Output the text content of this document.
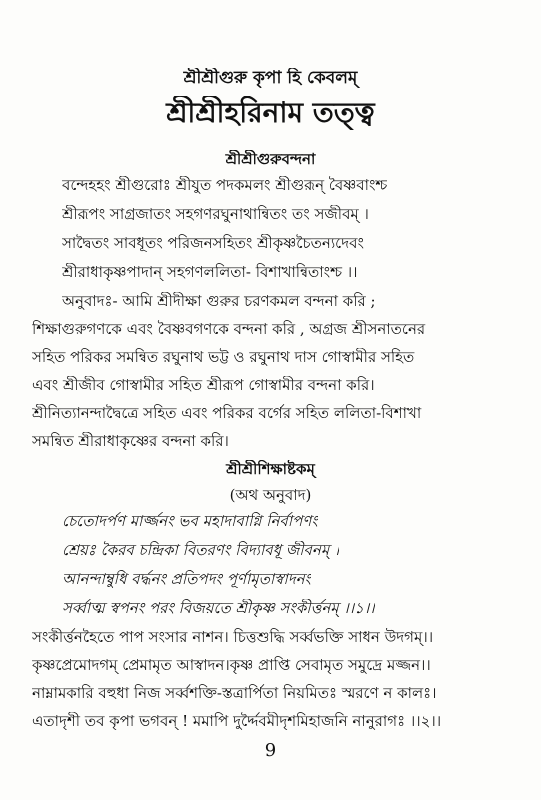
শ্রীশ্রীগুরু কৃপা হি কেবলম্
শ্রীশ্রীহরিনাম তত্ত্ব
শ্রীশ্রীগুরুবন্দনা
বন্দেহহং শ্রীগুরোঃ শ্রীযুত পদকমলং শ্রীগুরূন্ বৈষ্ণবাংশ্চ
শ্রীরূপং সাগ্রজাতং সহগণরঘুনাথান্বিতং তং সজীবম্ ।
সাদ্বৈতং সাবধূতং পরিজনসহিতং শ্রীকৃষ্ণচৈতন্যদেবং
শ্রীরাধাকৃষ্ণপাদান্ সহগণললিতা- বিশাখান্বিতাংশ্চ ।।
অনুবাদঃ- আমি শ্রীদীক্ষা গুরুর চরণকমল বন্দনা করি ;
শিক্ষাগুরুগণকে এবং বৈষ্ণবগণকে বন্দনা করি , অগ্রজ শ্রীসনাতনের
সহিত পরিকর সমন্বিত রঘুনাথ ভট্ট ও রঘুনাথ দাস গোস্বামীর সহিত
এবং শ্রীজীব গোস্বামীর সহিত শ্রীরূপ গোস্বামীর বন্দনা করি।
শ্রীনিত্যানন্দাদ্বৈত্রে সহিত এবং পরিকর বর্গের সহিত ললিতা-বিশাখা
সমন্বিত শ্রীরাধাকৃষ্ণের বন্দনা করি।
শ্রীশ্রীশিক্ষাষ্টকম্
(অথ অনুবাদ)
চেতোদর্পণ মার্জ্জনং ভব মহাদাবাগ্নি নির্বাপণং
শ্রেয়ঃ কৈরব চন্দ্রিকা বিতরণং বিদ্যাবধূ জীবনম্ ।
আনন্দাম্বুধি বর্দ্ধনং প্রতিপদং পূর্ণামৃতাস্বাদনং
সর্ব্বাত্ম স্বপনং পরং বিজয়তে শ্রীকৃষ্ণ সংকীর্ত্তনম্ ।।১।।
সংকীর্ত্তনহৈতে পাপ সংসার নাশন। চিত্তশুদ্ধি সর্ব্বভক্তি সাধন উদগম্।।
কৃষ্ণপ্রেমোদগম্ প্রেমামৃত আস্বাদন।কৃষ্ণ প্রাপ্তি সেবামৃত সমুদ্রে মজ্জন।।
নাম্নামকারি বহুধা নিজ সর্ব্বশক্তি-স্তত্রার্পিতা নিয়মিতঃ স্মরণে ন কালঃ।
এতাদৃশী তব কৃপা ভগবন্ ! মমাপি দুর্দ্দৈবমীদৃশমিহাজনি নানুরাগঃ ।।২।।
9
